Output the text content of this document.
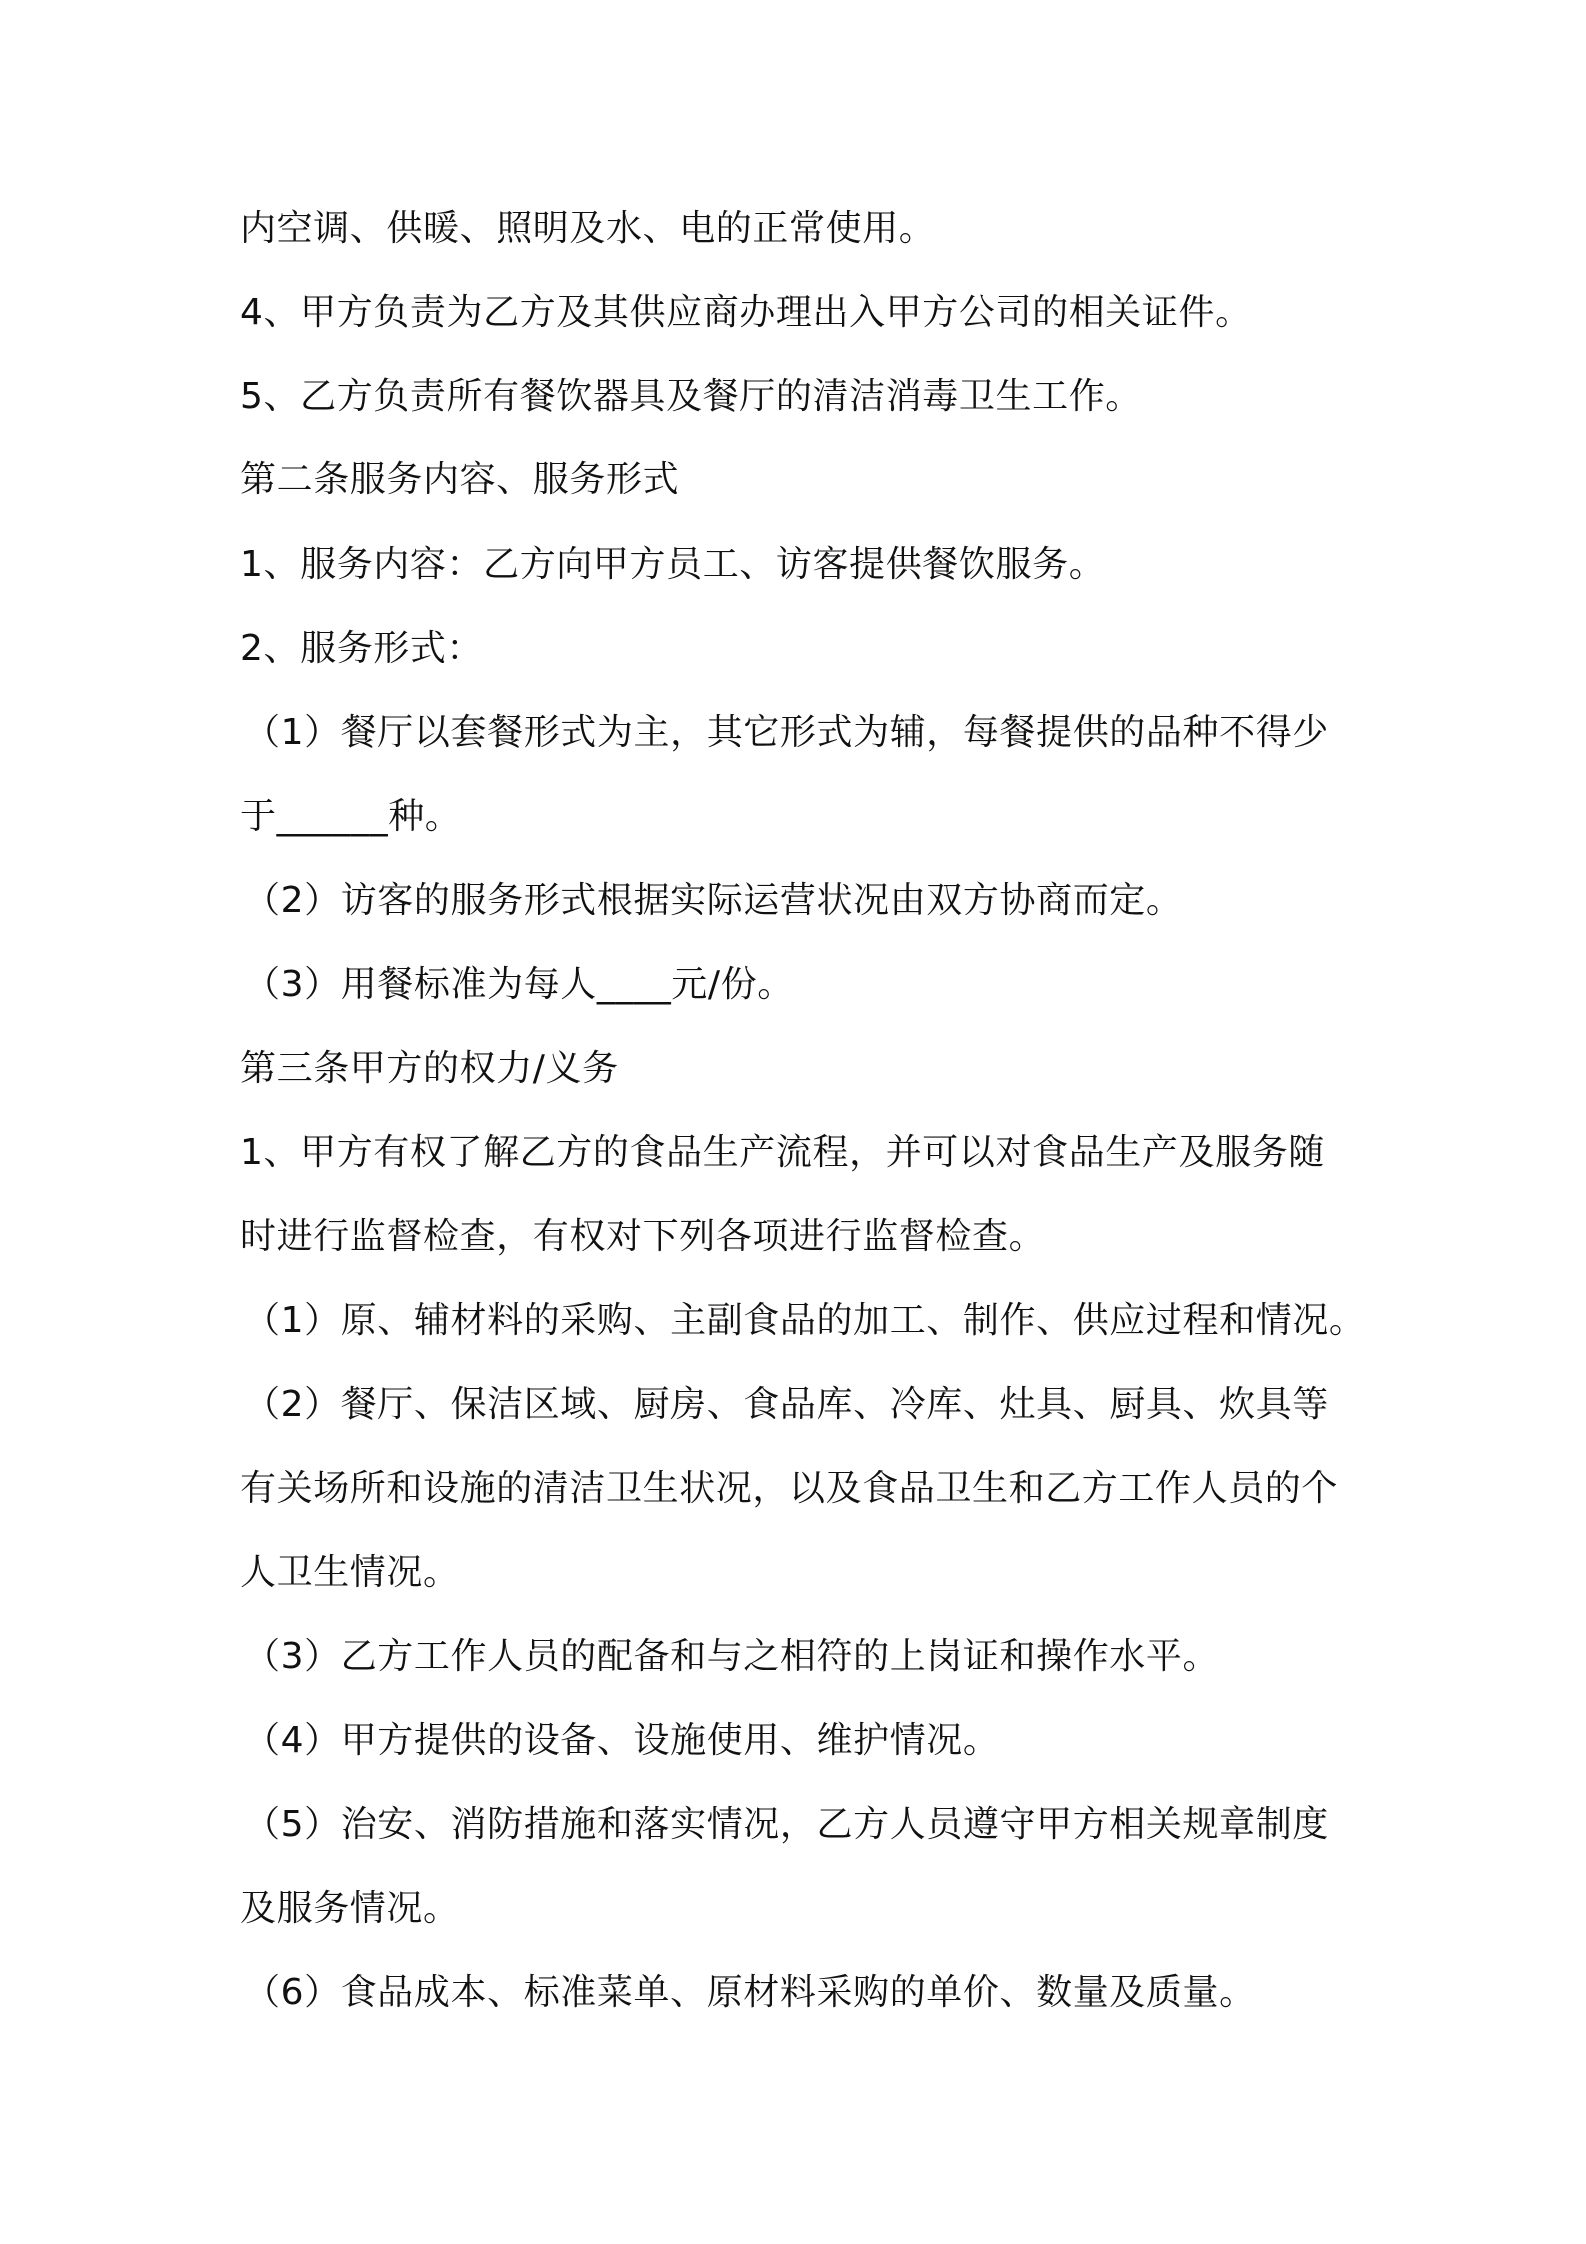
内空调、供暖、照明及水、电的正常使用。
4、甲方负责为乙方及其供应商办理出入甲方公司的相关证件。
5、乙方负责所有餐饮器具及餐厅的清洁消毒卫生工作。
第二条服务内容、服务形式
1、服务内容：乙方向甲方员工、访客提供餐饮服务。
2、服务形式：
（1）餐厅以套餐形式为主，其它形式为辅，每餐提供的品种不得少
于______种。
（2）访客的服务形式根据实际运营状况由双方协商而定。
（3）用餐标准为每人____元/份。
第三条甲方的权力/义务
1、甲方有权了解乙方的食品生产流程，并可以对食品生产及服务随
时进行监督检查，有权对下列各项进行监督检查。
（1）原、辅材料的采购、主副食品的加工、制作、供应过程和情况。
（2）餐厅、保洁区域、厨房、食品库、冷库、灶具、厨具、炊具等
有关场所和设施的清洁卫生状况，以及食品卫生和乙方工作人员的个
人卫生情况。
（3）乙方工作人员的配备和与之相符的上岗证和操作水平。
（4）甲方提供的设备、设施使用、维护情况。
（5）治安、消防措施和落实情况，乙方人员遵守甲方相关规章制度
及服务情况。
（6）食品成本、标准菜单、原材料采购的单价、数量及质量。
